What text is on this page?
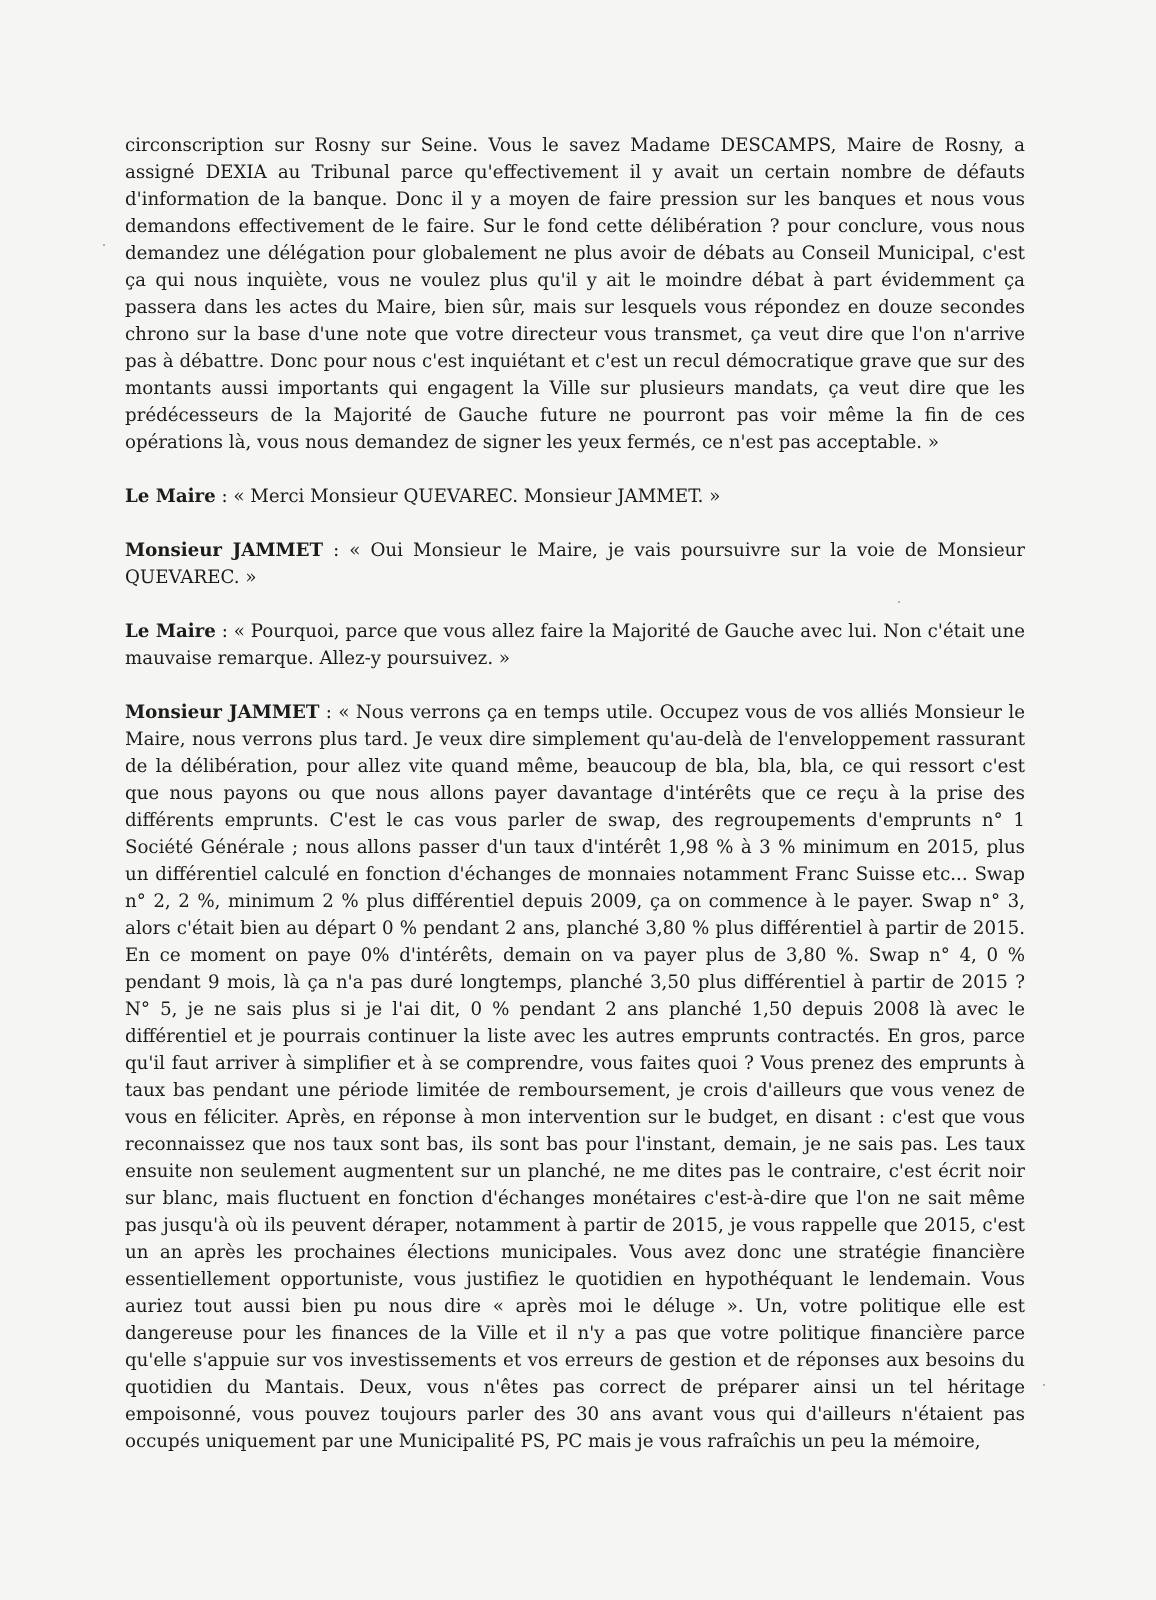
circonscription sur Rosny sur Seine. Vous le savez Madame DESCAMPS, Maire de Rosny, a assigné DEXIA au Tribunal parce qu'effectivement il y avait un certain nombre de défauts d'information de la banque. Donc il y a moyen de faire pression sur les banques et nous vous demandons effectivement de le faire. Sur le fond cette délibération ? pour conclure, vous nous demandez une délégation pour globalement ne plus avoir de débats au Conseil Municipal, c'est ça qui nous inquiète, vous ne voulez plus qu'il y ait le moindre débat à part évidemment ça passera dans les actes du Maire, bien sûr, mais sur lesquels vous répondez en douze secondes chrono sur la base d'une note que votre directeur vous transmet, ça veut dire que l'on n'arrive pas à débattre. Donc pour nous c'est inquiétant et c'est un recul démocratique grave que sur des montants aussi importants qui engagent la Ville sur plusieurs mandats, ça veut dire que les prédécesseurs de la Majorité de Gauche future ne pourront pas voir même la fin de ces opérations là, vous nous demandez de signer les yeux fermés, ce n'est pas acceptable. »

Le Maire : « Merci Monsieur QUEVAREC. Monsieur JAMMET. »

Monsieur JAMMET : « Oui Monsieur le Maire, je vais poursuivre sur la voie de Monsieur QUEVAREC. »

Le Maire : « Pourquoi, parce que vous allez faire la Majorité de Gauche avec lui. Non c'était une mauvaise remarque. Allez-y poursuivez. »

Monsieur JAMMET : « Nous verrons ça en temps utile. Occupez vous de vos alliés Monsieur le Maire, nous verrons plus tard. Je veux dire simplement qu'au-delà de l'enveloppement rassurant de la délibération, pour allez vite quand même, beaucoup de bla, bla, bla, ce qui ressort c'est que nous payons ou que nous allons payer davantage d'intérêts que ce reçu à la prise des différents emprunts. C'est le cas vous parler de swap, des regroupements d'emprunts n° 1 Société Générale ; nous allons passer d'un taux d'intérêt 1,98 % à 3 % minimum en 2015, plus un différentiel calculé en fonction d'échanges de monnaies notamment Franc Suisse etc... Swap n° 2, 2 %, minimum 2 % plus différentiel depuis 2009, ça on commence à le payer. Swap n° 3, alors c'était bien au départ 0 % pendant 2 ans, planché 3,80 % plus différentiel à partir de 2015. En ce moment on paye 0% d'intérêts, demain on va payer plus de 3,80 %. Swap n° 4, 0 % pendant 9 mois, là ça n'a pas duré longtemps, planché 3,50 plus différentiel à partir de 2015 ? N° 5, je ne sais plus si je l'ai dit, 0 % pendant 2 ans planché 1,50 depuis 2008 là avec le différentiel et je pourrais continuer la liste avec les autres emprunts contractés. En gros, parce qu'il faut arriver à simplifier et à se comprendre, vous faites quoi ? Vous prenez des emprunts à taux bas pendant une période limitée de remboursement, je crois d'ailleurs que vous venez de vous en féliciter. Après, en réponse à mon intervention sur le budget, en disant : c'est que vous reconnaissez que nos taux sont bas, ils sont bas pour l'instant, demain, je ne sais pas. Les taux ensuite non seulement augmentent sur un planché, ne me dites pas le contraire, c'est écrit noir sur blanc, mais fluctuent en fonction d'échanges monétaires c'est-à-dire que l'on ne sait même pas jusqu'à où ils peuvent déraper, notamment à partir de 2015, je vous rappelle que 2015, c'est un an après les prochaines élections municipales. Vous avez donc une stratégie financière essentiellement opportuniste, vous justifiez le quotidien en hypothéquant le lendemain. Vous auriez tout aussi bien pu nous dire « après moi le déluge ». Un, votre politique elle est dangereuse pour les finances de la Ville et il n'y a pas que votre politique financière parce qu'elle s'appuie sur vos investissements et vos erreurs de gestion et de réponses aux besoins du quotidien du Mantais. Deux, vous n'êtes pas correct de préparer ainsi un tel héritage empoisonné, vous pouvez toujours parler des 30 ans avant vous qui d'ailleurs n'étaient pas occupés uniquement par une Municipalité PS, PC mais je vous rafraîchis un peu la mémoire,
